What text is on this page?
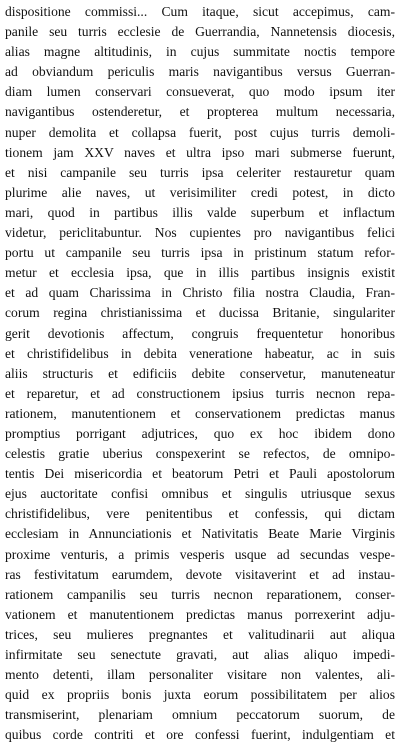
dispositione commissi... Cum itaque, sicut accepimus, cam-
panile seu turris ecclesie de Guerrandia, Nannetensis diocesis,
alias magne altitudinis, in cujus summitate noctis tempore
ad obviandum periculis maris navigantibus versus Guerran-
diam lumen conservari consueverat, quo modo ipsum iter
navigantibus ostenderetur, et propterea multum necessaria,
nuper demolita et collapsa fuerit, post cujus turris demoli-
tionem jam XXV naves et ultra ipso mari submerse fuerunt,
et nisi campanile seu turris ipsa celeriter restauretur quam
plurime alie naves, ut verisimiliter credi potest, in dicto
mari, quod in partibus illis valde superbum et inflactum
videtur, periclitabuntur. Nos cupientes pro navigantibus felici
portu ut campanile seu turris ipsa in pristinum statum refor-
metur et ecclesia ipsa, que in illis partibus insignis existit
et ad quam Charissima in Christo filia nostra Claudia, Fran-
corum regina christianissima et ducissa Britanie, singulariter
gerit devotionis affectum, congruis frequentetur honoribus
et christifidelibus in debita veneratione habeatur, ac in suis
aliis structuris et edificiis debite conservetur, manuteneatur
et reparetur, et ad constructionem ipsius turris necnon repa-
rationem, manutentionem et conservationem predictas manus
promptius porrigant adjutrices, quo ex hoc ibidem dono
celestis gratie uberius conspexerint se refectos, de omnipo-
tentis Dei misericordia et beatorum Petri et Pauli apostolorum
ejus auctoritate confisi omnibus et singulis utriusque sexus
christifidelibus, vere penitentibus et confessis, qui dictam
ecclesiam in Annunciationis et Nativitatis Beate Marie Virginis
proxime venturis, a primis vesperis usque ad secundas vespe-
ras festivitatum earumdem, devote visitaverint et ad instau-
rationem campanilis seu turris necnon reparationem, conser-
vationem et manutentionem predictas manus porrexerint adju-
trices, seu mulieres pregnantes et valitudinarii aut aliqua
infirmitate seu senectute gravati, aut alias aliquo impedi-
mento detenti, illam personaliter visitare non valentes, ali-
quid ex propriis bonis juxta eorum possibilitatem per alios
transmiserint, plenariam omnium peccatorum suorum, de
quibus corde contriti et ore confessi fuerint, indulgentiam et
